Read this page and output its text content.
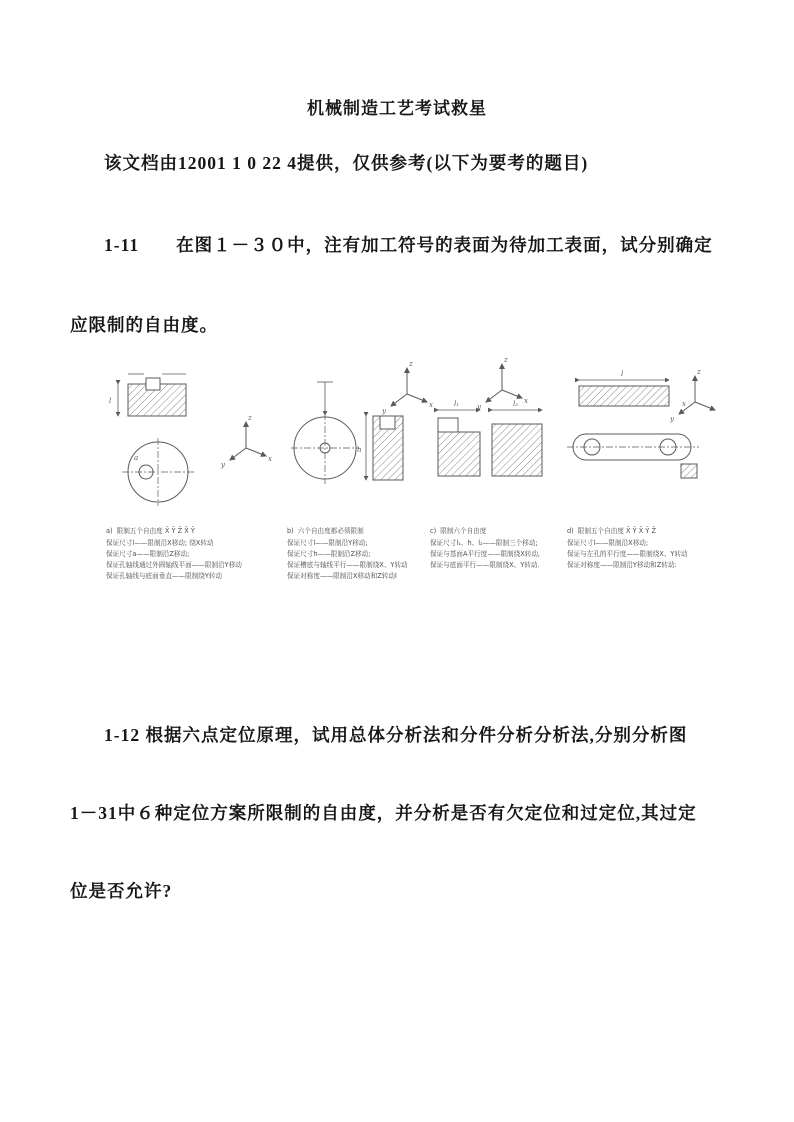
机械制造工艺考试救星

该文档由12001 1 0 22 4提供，仅供参考(以下为要考的题目)

1-11　　在图１－３０中，注有加工符号的表面为待加工表面，试分别确定

应限制的自由度。

l
a
z
x
y
a) 限制五个自由度 X̄ Ȳ Z̄ X̄ Ȳ
保证尺寸l——限制沿X移动; 绕X转动
保证尺寸a——限制沿Z移动;
保证孔轴线通过外圆轴线平面——限制沿Y移动
保证孔轴线与底面垂直——限制绕Y转动
h
z
x
y
b) 六个自由度都必须限制
保证尺寸l——限制沿Y移动;
保证尺寸h——限制沿Z移动;
保证槽底与轴线平行——限制绕X、Y转动
保证对称度——限制沿X移动和Z转动l
l₁	l₂
z
x
y
c) 限制六个自由度
保证尺寸l₁、h、l₂——限制三个移动;
保证与基面A平行度——限制绕X转动,
保证与底面平行——限制绕X、Y转动.
l	z
x
y
d) 限制五个自由度 X̄ Ȳ X̄ Ȳ Z̄
保证尺寸l——限制沿X移动;
保证与左孔的平行度——限制绕X、Y转动
保证对称度——限制沿Y移动和Z转动:

1-12 根据六点定位原理，试用总体分析法和分件分析分析法,分别分析图

1－31中６种定位方案所限制的自由度，并分析是否有欠定位和过定位,其过定

位是否允许?
